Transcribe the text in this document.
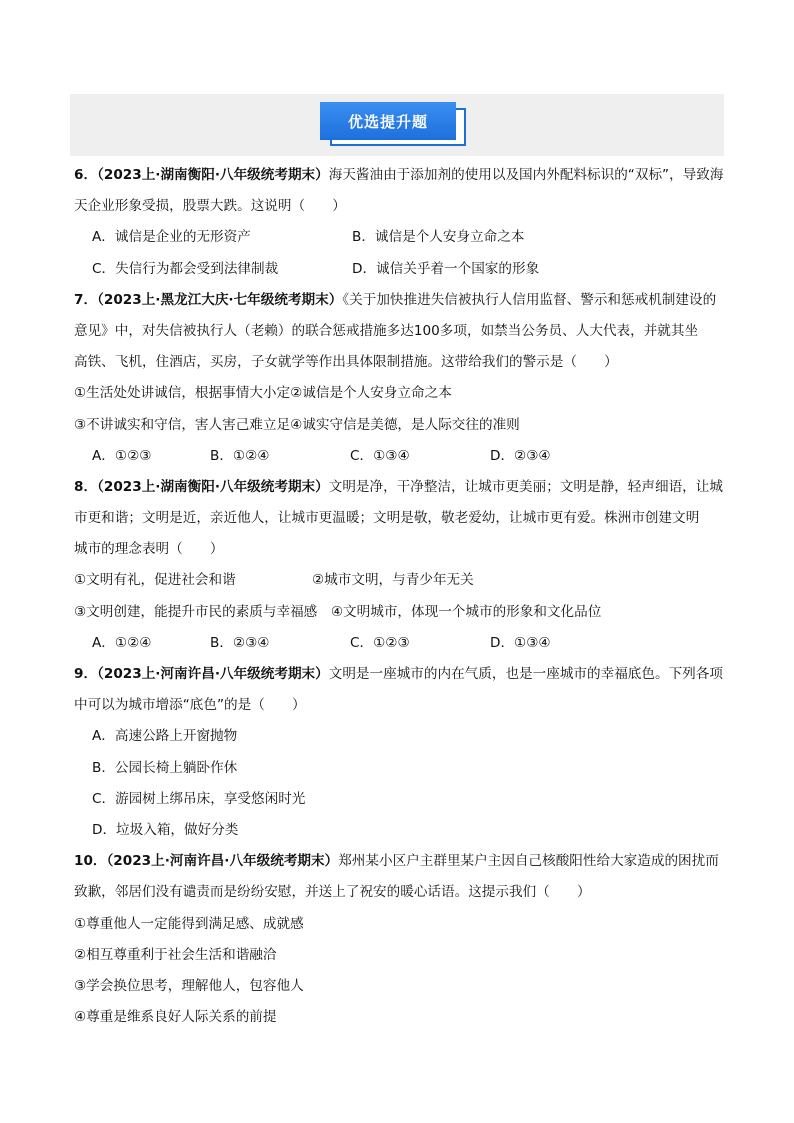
优选提升题
6．（2023上·湖南衡阳·八年级统考期末）海天酱油由于添加剂的使用以及国内外配料标识的“双标”，导致海
天企业形象受损，股票大跌。这说明（　　）
A．诚信是企业的无形资产	B．诚信是个人安身立命之本
C．失信行为都会受到法律制裁	D．诚信关乎着一个国家的形象
7．（2023上·黑龙江大庆·七年级统考期末）《关于加快推进失信被执行人信用监督、警示和惩戒机制建设的
意见》中，对失信被执行人（老赖）的联合惩戒措施多达100多项，如禁当公务员、人大代表，并就其坐
高铁、飞机，住酒店，买房，子女就学等作出具体限制措施。这带给我们的警示是（　　）
①生活处处讲诚信，根据事情大小定②诚信是个人安身立命之本
③不讲诚实和守信，害人害己难立足④诚实守信是美德，是人际交往的准则
A．①②③	B．①②④	C．①③④	D．②③④
8．（2023上·湖南衡阳·八年级统考期末）文明是净，干净整洁，让城市更美丽；文明是静，轻声细语，让城
市更和谐；文明是近，亲近他人，让城市更温暖；文明是敬，敬老爱幼，让城市更有爱。株洲市创建文明
城市的理念表明（　　）
①文明有礼，促进社会和谐	②城市文明，与青少年无关
③文明创建，能提升市民的素质与幸福感　 ④文明城市，体现一个城市的形象和文化品位
A．①②④	B．②③④	C．①②③	D．①③④
9．（2023上·河南许昌·八年级统考期末）文明是一座城市的内在气质，也是一座城市的幸福底色。下列各项
中可以为城市增添“底色”的是（　　）
A．高速公路上开窗抛物
B．公园长椅上躺卧作休
C．游园树上绑吊床，享受悠闲时光
D．垃圾入箱，做好分类
10．（2023上·河南许昌·八年级统考期末）郑州某小区户主群里某户主因自己核酸阳性给大家造成的困扰而
致歉，邻居们没有谴责而是纷纷安慰，并送上了祝安的暖心话语。这提示我们（　　）
①尊重他人一定能得到满足感、成就感
②相互尊重利于社会生活和谐融洽
③学会换位思考，理解他人，包容他人
④尊重是维系良好人际关系的前提
